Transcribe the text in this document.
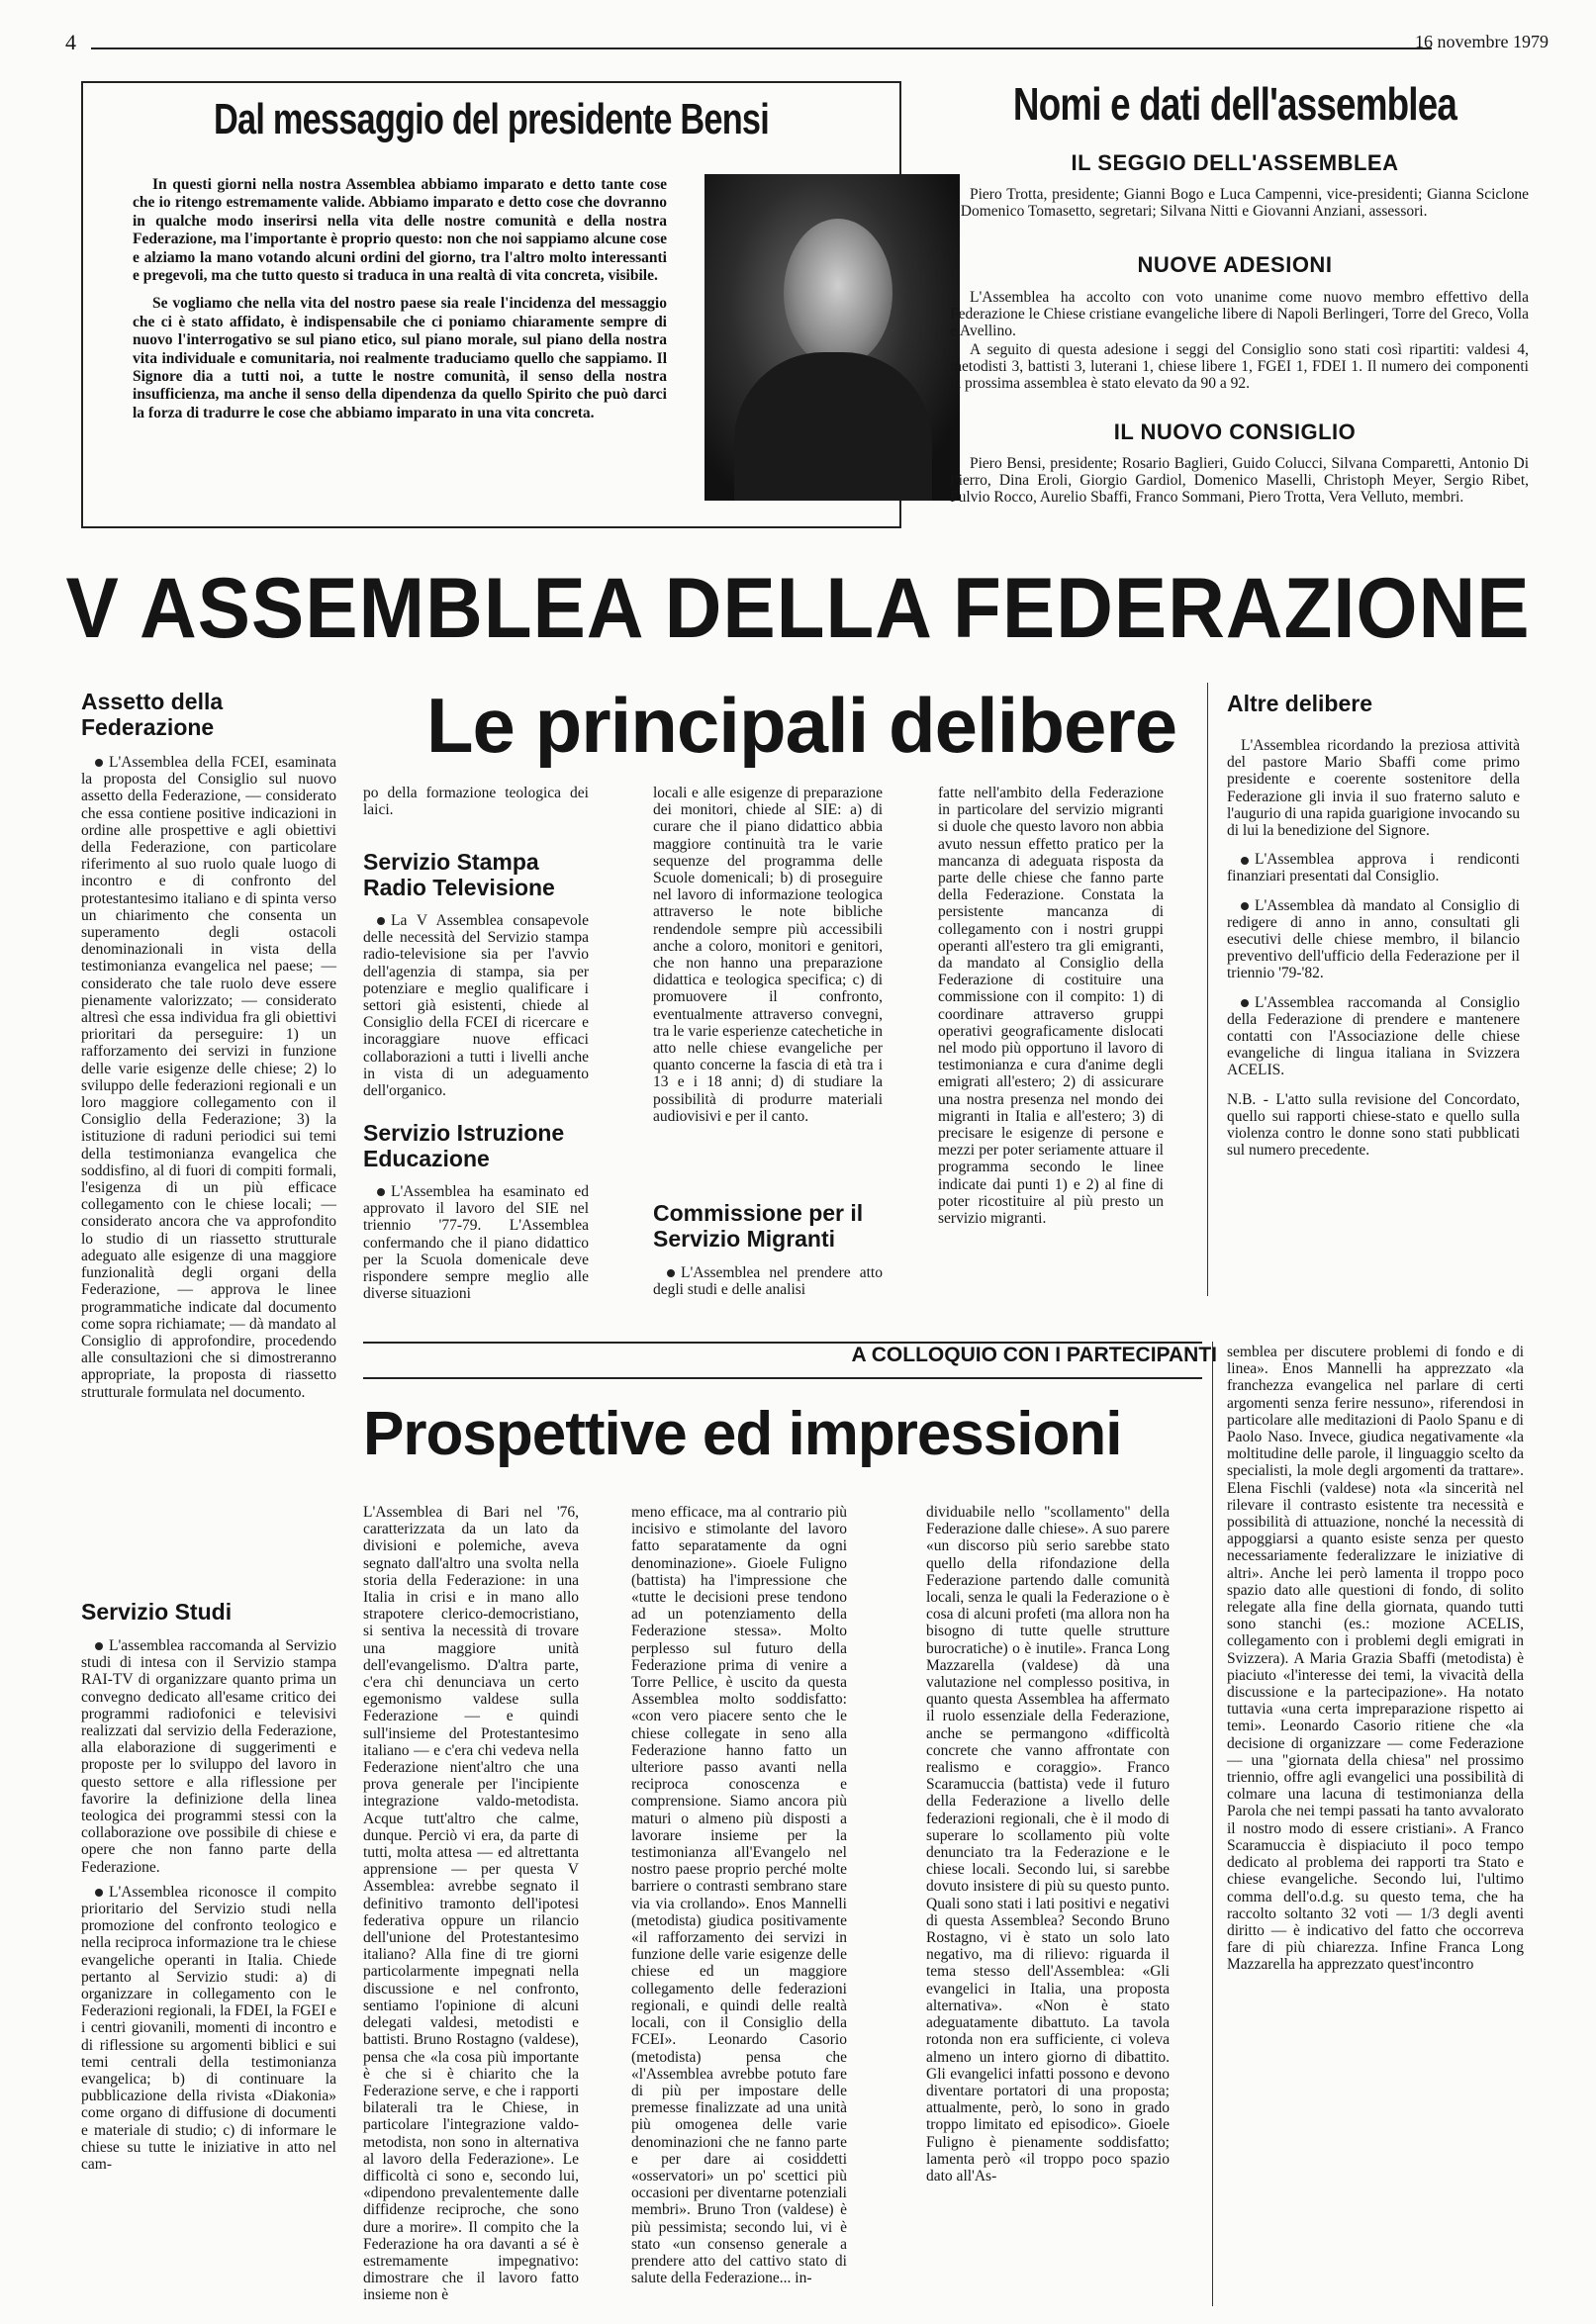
4	16 novembre 1979
Dal messaggio del presidente Bensi

In questi giorni nella nostra Assemblea abbiamo imparato e detto tante cose che io ritengo estremamente valide. Abbiamo imparato e detto cose che dovranno in qualche modo inserirsi nella vita delle nostre comunità e della nostra Federazione, ma l'importante è proprio questo: non che noi sappiamo alcune cose e alziamo la mano votando alcuni ordini del giorno, tra l'altro molto interessanti e pregevoli, ma che tutto questo si traduca in una realtà di vita concreta, visibile.

Se vogliamo che nella vita del nostro paese sia reale l'incidenza del messaggio che ci è stato affidato, è indispensabile che ci poniamo chiaramente sempre di nuovo l'interrogativo se sul piano etico, sul piano morale, sul piano della nostra vita individuale e comunitaria, noi realmente traduciamo quello che sappiamo. Il Signore dia a tutti noi, a tutte le nostre comunità, il senso della nostra insufficienza, ma anche il senso della dipendenza da quello Spirito che può darci la forza di tradurre le cose che abbiamo imparato in una vita concreta.

Nomi e dati dell'assemblea
IL SEGGIO DELL'ASSEMBLEA

Piero Trotta, presidente; Gianni Bogo e Luca Campenni, vice-presidenti; Gianna Sciclone e Domenico Tomasetto, segretari; Silvana Nitti e Giovanni Anziani, assessori.

NUOVE ADESIONI

L'Assemblea ha accolto con voto unanime come nuovo membro effettivo della Federazione le Chiese cristiane evangeliche libere di Napoli Berlingeri, Torre del Greco, Volla e Avellino.

A seguito di questa adesione i seggi del Consiglio sono stati così ripartiti: valdesi 4, metodisti 3, battisti 3, luterani 1, chiese libere 1, FGEI 1, FDEI 1. Il numero dei componenti la prossima assemblea è stato elevato da 90 a 92.

IL NUOVO CONSIGLIO

Piero Bensi, presidente; Rosario Baglieri, Guido Colucci, Silvana Comparetti, Antonio Di Pierro, Dina Eroli, Giorgio Gardiol, Domenico Maselli, Christoph Meyer, Sergio Ribet, Fulvio Rocco, Aurelio Sbaffi, Franco Sommani, Piero Trotta, Vera Velluto, membri.

V ASSEMBLEA DELLA FEDERAZIONE
Le principali delibere
Assetto della Federazione

L'Assemblea della FCEI, esaminata la proposta del Consiglio sul nuovo assetto della Federazione, — considerato che essa contiene positive indicazioni in ordine alle prospettive e agli obiettivi della Federazione, con particolare riferimento al suo ruolo quale luogo di incontro e di confronto del protestantesimo italiano e di spinta verso un chiarimento che consenta un superamento degli ostacoli denominazionali in vista della testimonianza evangelica nel paese; — considerato che tale ruolo deve essere pienamente valorizzato; — considerato altresì che essa individua fra gli obiettivi prioritari da perseguire: 1) un rafforzamento dei servizi in funzione delle varie esigenze delle chiese; 2) lo sviluppo delle federazioni regionali e un loro maggiore collegamento con il Consiglio della Federazione; 3) la istituzione di raduni periodici sui temi della testimonianza evangelica che soddisfino, al di fuori di compiti formali, l'esigenza di un più efficace collegamento con le chiese locali; — considerato ancora che va approfondito lo studio di un riassetto strutturale adeguato alle esigenze di una maggiore funzionalità degli organi della Federazione, — approva le linee programmatiche indicate dal documento come sopra richiamate; — dà mandato al Consiglio di approfondire, procedendo alle consultazioni che si dimostreranno appropriate, la proposta di riassetto strutturale formulata nel documento.

Servizio Studi

L'assemblea raccomanda al Servizio studi di intesa con il Servizio stampa RAI-TV di organizzare quanto prima un convegno dedicato all'esame critico dei programmi radiofonici e televisivi realizzati dal servizio della Federazione, alla elaborazione di suggerimenti e proposte per lo sviluppo del lavoro in questo settore e alla riflessione per favorire la definizione della linea teologica dei programmi stessi con la collaborazione ove possibile di chiese e opere che non fanno parte della Federazione.

L'Assemblea riconosce il compito prioritario del Servizio studi nella promozione del confronto teologico e nella reciproca informazione tra le chiese evangeliche operanti in Italia. Chiede pertanto al Servizio studi: a) di organizzare in collegamento con le Federazioni regionali, la FDEI, la FGEI e i centri giovanili, momenti di incontro e di riflessione su argomenti biblici e sui temi centrali della testimonianza evangelica; b) di continuare la pubblicazione della rivista «Diakonia» come organo di diffusione di documenti e materiale di studio; c) di informare le chiese su tutte le iniziative in atto nel cam-

po della formazione teologica dei laici.
Servizio Stampa Radio Televisione

La V Assemblea consapevole delle necessità del Servizio stampa radio-televisione sia per l'avvio dell'agenzia di stampa, sia per potenziare e meglio qualificare i settori già esistenti, chiede al Consiglio della FCEI di ricercare e incoraggiare nuove efficaci collaborazioni a tutti i livelli anche in vista di un adeguamento dell'organico.

Servizio Istruzione Educazione

L'Assemblea ha esaminato ed approvato il lavoro del SIE nel triennio '77-79. L'Assemblea confermando che il piano didattico per la Scuola domenicale deve rispondere sempre meglio alle diverse situazioni

locali e alle esigenze di preparazione dei monitori, chiede al SIE: a) di curare che il piano didattico abbia maggiore continuità tra le varie sequenze del programma delle Scuole domenicali; b) di proseguire nel lavoro di informazione teologica attraverso le note bibliche rendendole sempre più accessibili anche a coloro, monitori e genitori, che non hanno una preparazione didattica e teologica specifica; c) di promuovere il confronto, eventualmente attraverso convegni, tra le varie esperienze catechetiche in atto nelle chiese evangeliche per quanto concerne la fascia di età tra i 13 e i 18 anni; d) di studiare la possibilità di produrre materiali audiovisivi e per il canto.
Commissione per il Servizio Migranti

L'Assemblea nel prendere atto degli studi e delle analisi

fatte nell'ambito della Federazione in particolare del servizio migranti si duole che questo lavoro non abbia avuto nessun effetto pratico per la mancanza di adeguata risposta da parte delle chiese che fanno parte della Federazione. Constata la persistente mancanza di collegamento con i nostri gruppi operanti all'estero tra gli emigranti, da mandato al Consiglio della Federazione di costituire una commissione con il compito: 1) di coordinare attraverso gruppi operativi geograficamente dislocati nel modo più opportuno il lavoro di testimonianza e cura d'anime degli emigrati all'estero; 2) di assicurare una nostra presenza nel mondo dei migranti in Italia e all'estero; 3) di precisare le esigenze di persone e mezzi per poter seriamente attuare il programma secondo le linee indicate dai punti 1) e 2) al fine di poter ricostituire al più presto un servizio migranti.
Altre delibere

L'Assemblea ricordando la preziosa attività del pastore Mario Sbaffi come primo presidente e coerente sostenitore della Federazione gli invia il suo fraterno saluto e l'augurio di una rapida guarigione invocando su di lui la benedizione del Signore.

L'Assemblea approva i rendiconti finanziari presentati dal Consiglio.

L'Assemblea dà mandato al Consiglio di redigere di anno in anno, consultati gli esecutivi delle chiese membro, il bilancio preventivo dell'ufficio della Federazione per il triennio '79-'82.

L'Assemblea raccomanda al Consiglio della Federazione di prendere e mantenere contatti con l'Associazione delle chiese evangeliche di lingua italiana in Svizzera ACELIS.

N.B. - L'atto sulla revisione del Concordato, quello sui rapporti chiese-stato e quello sulla violenza contro le donne sono stati pubblicati sul numero precedente.

A COLLOQUIO CON I PARTECIPANTI
Prospettive ed impressioni
L'Assemblea di Bari nel '76, caratterizzata da un lato da divisioni e polemiche, aveva segnato dall'altro una svolta nella storia della Federazione: in una Italia in crisi e in mano allo strapotere clerico-democristiano, si sentiva la necessità di trovare una maggiore unità dell'evangelismo. D'altra parte, c'era chi denunciava un certo egemonismo valdese sulla Federazione — e quindi sull'insieme del Protestantesimo italiano — e c'era chi vedeva nella Federazione nient'altro che una prova generale per l'incipiente integrazione valdo-metodista. Acque tutt'altro che calme, dunque. Perciò vi era, da parte di tutti, molta attesa — ed altrettanta apprensione — per questa V Assemblea: avrebbe segnato il definitivo tramonto dell'ipotesi federativa oppure un rilancio dell'unione del Protestantesimo italiano? Alla fine di tre giorni particolarmente impegnati nella discussione e nel confronto, sentiamo l'opinione di alcuni delegati valdesi, metodisti e battisti. Bruno Rostagno (valdese), pensa che «la cosa più importante è che si è chiarito che la Federazione serve, e che i rapporti bilaterali tra le Chiese, in particolare l'integrazione valdo-metodista, non sono in alternativa al lavoro della Federazione». Le difficoltà ci sono e, secondo lui, «dipendono prevalentemente dalle diffidenze reciproche, che sono dure a morire». Il compito che la Federazione ha ora davanti a sé è estremamente impegnativo: dimostrare che il lavoro fatto insieme non è
meno efficace, ma al contrario più incisivo e stimolante del lavoro fatto separatamente da ogni denominazione». Gioele Fuligno (battista) ha l'impressione che «tutte le decisioni prese tendono ad un potenziamento della Federazione stessa». Molto perplesso sul futuro della Federazione prima di venire a Torre Pellice, è uscito da questa Assemblea molto soddisfatto: «con vero piacere sento che le chiese collegate in seno alla Federazione hanno fatto un ulteriore passo avanti nella reciproca conoscenza e comprensione. Siamo ancora più maturi o almeno più disposti a lavorare insieme per la testimonianza all'Evangelo nel nostro paese proprio perché molte barriere o contrasti sembrano stare via via crollando». Enos Mannelli (metodista) giudica positivamente «il rafforzamento dei servizi in funzione delle varie esigenze delle chiese ed un maggiore collegamento delle federazioni regionali, e quindi delle realtà locali, con il Consiglio della FCEI». Leonardo Casorio (metodista) pensa che «l'Assemblea avrebbe potuto fare di più per impostare delle premesse finalizzate ad una unità più omogenea delle varie denominazioni che ne fanno parte e per dare ai cosiddetti «osservatori» un po' scettici più occasioni per diventarne potenziali membri». Bruno Tron (valdese) è più pessimista; secondo lui, vi è stato «un consenso generale a prendere atto del cattivo stato di salute della Federazione... in-
dividuabile nello "scollamento" della Federazione dalle chiese». A suo parere «un discorso più serio sarebbe stato quello della rifondazione della Federazione partendo dalle comunità locali, senza le quali la Federazione o è cosa di alcuni profeti (ma allora non ha bisogno di tutte quelle strutture burocratiche) o è inutile». Franca Long Mazzarella (valdese) dà una valutazione nel complesso positiva, in quanto questa Assemblea ha affermato il ruolo essenziale della Federazione, anche se permangono «difficoltà concrete che vanno affrontate con realismo e coraggio». Franco Scaramuccia (battista) vede il futuro della Federazione a livello delle federazioni regionali, che è il modo di superare lo scollamento più volte denunciato tra la Federazione e le chiese locali. Secondo lui, si sarebbe dovuto insistere di più su questo punto. Quali sono stati i lati positivi e negativi di questa Assemblea? Secondo Bruno Rostagno, vi è stato un solo lato negativo, ma di rilievo: riguarda il tema stesso dell'Assemblea: «Gli evangelici in Italia, una proposta alternativa». «Non è stato adeguatamente dibattuto. La tavola rotonda non era sufficiente, ci voleva almeno un intero giorno di dibattito. Gli evangelici infatti possono e devono diventare portatori di una proposta; attualmente, però, lo sono in grado troppo limitato ed episodico». Gioele Fuligno è pienamente soddisfatto; lamenta però «il troppo poco spazio dato all'As-
semblea per discutere problemi di fondo e di linea». Enos Mannelli ha apprezzato «la franchezza evangelica nel parlare di certi argomenti senza ferire nessuno», riferendosi in particolare alle meditazioni di Paolo Spanu e di Paolo Naso. Invece, giudica negativamente «la moltitudine delle parole, il linguaggio scelto da specialisti, la mole degli argomenti da trattare». Elena Fischli (valdese) nota «la sincerità nel rilevare il contrasto esistente tra necessità e possibilità di attuazione, nonché la necessità di appoggiarsi a quanto esiste senza per questo necessariamente federalizzare le iniziative di altri». Anche lei però lamenta il troppo poco spazio dato alle questioni di fondo, di solito relegate alla fine della giornata, quando tutti sono stanchi (es.: mozione ACELIS, collegamento con i problemi degli emigrati in Svizzera). A Maria Grazia Sbaffi (metodista) è piaciuto «l'interesse dei temi, la vivacità della discussione e la partecipazione». Ha notato tuttavia «una certa impreparazione rispetto ai temi». Leonardo Casorio ritiene che «la decisione di organizzare — come Federazione — una "giornata della chiesa" nel prossimo triennio, offre agli evangelici una possibilità di colmare una lacuna di testimonianza della Parola che nei tempi passati ha tanto avvalorato il nostro modo di essere cristiani». A Franco Scaramuccia è dispiaciuto il poco tempo dedicato al problema dei rapporti tra Stato e chiese evangeliche. Secondo lui, l'ultimo comma dell'o.d.g. su questo tema, che ha raccolto soltanto 32 voti — 1/3 degli aventi diritto — è indicativo del fatto che occorreva fare di più chiarezza. Infine Franca Long Mazzarella ha apprezzato quest'incontro
